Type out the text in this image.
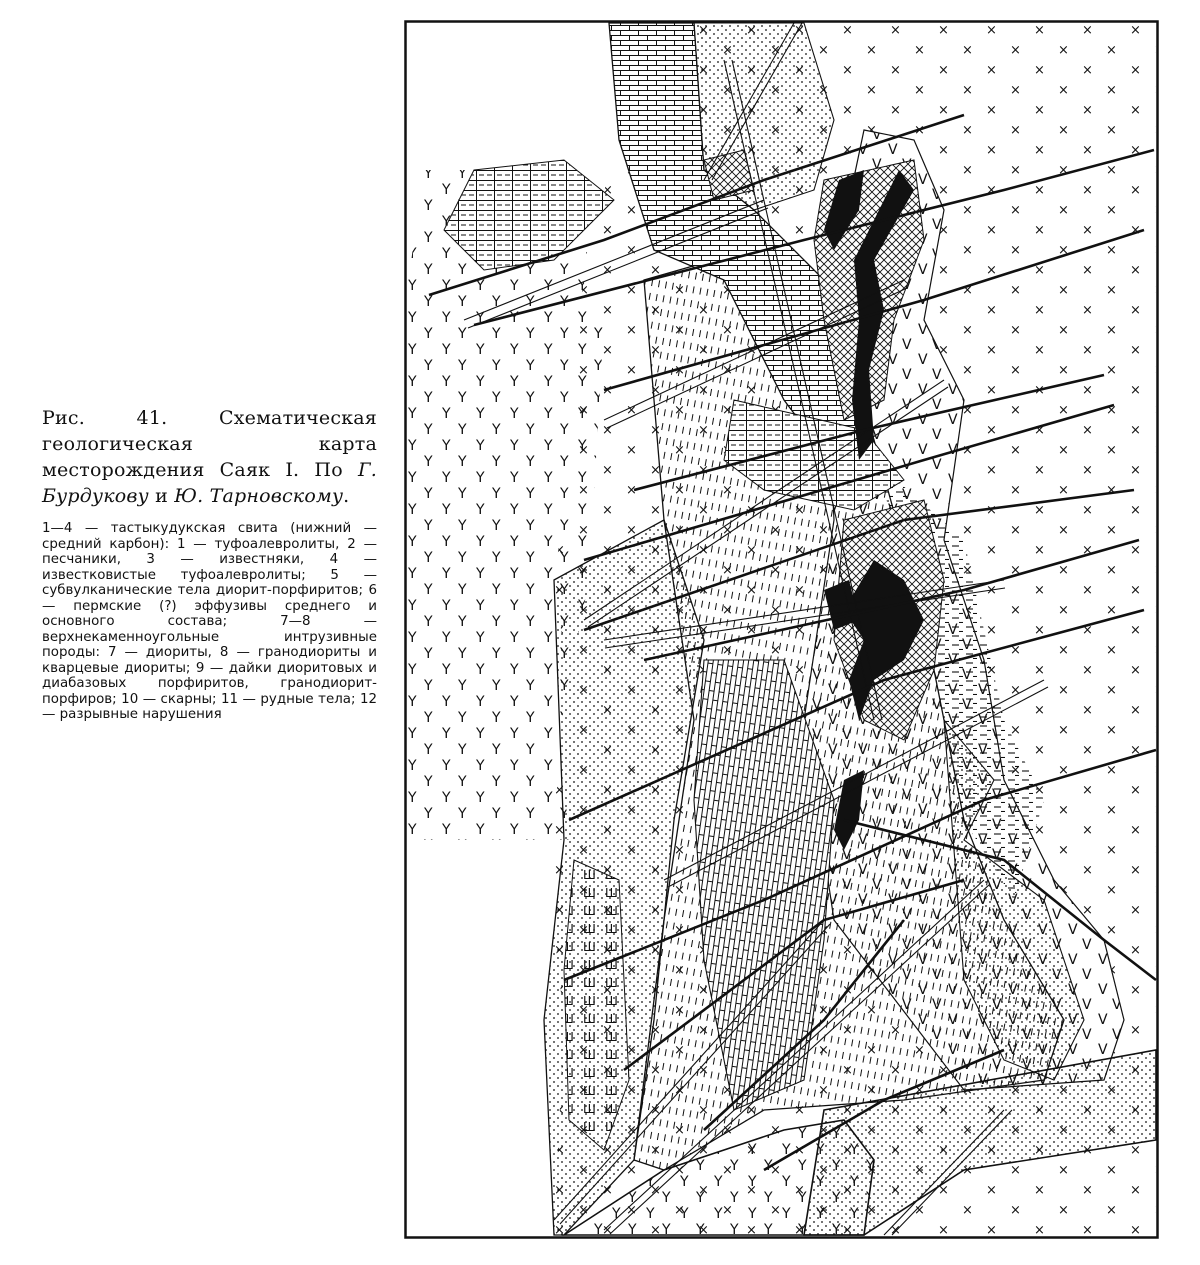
Рис. 41. Схематическая геологическая карта месторождения Саяк I. По Г. Бурдукову и Ю. Тарновскому.

1—4 — тастыкудукская свита (нижний — средний карбон): 1 — туфоалевролиты, 2 — песчаники, 3 — известняки, 4 — известковистые туфоалевролиты; 5 — субвулканические тела диорит-порфиритов; 6 — пермские (?) эффузивы среднего и основного состава; 7—8 — верхнекаменноугольные интрузивные породы: 7 — диориты, 8 — гранодиориты и кварцевые диориты; 9 — дайки диоритовых и диабазовых порфиритов, гранодиорит-порфиров; 10 — скарны; 11 — рудные тела; 12 — разрывные нарушения
